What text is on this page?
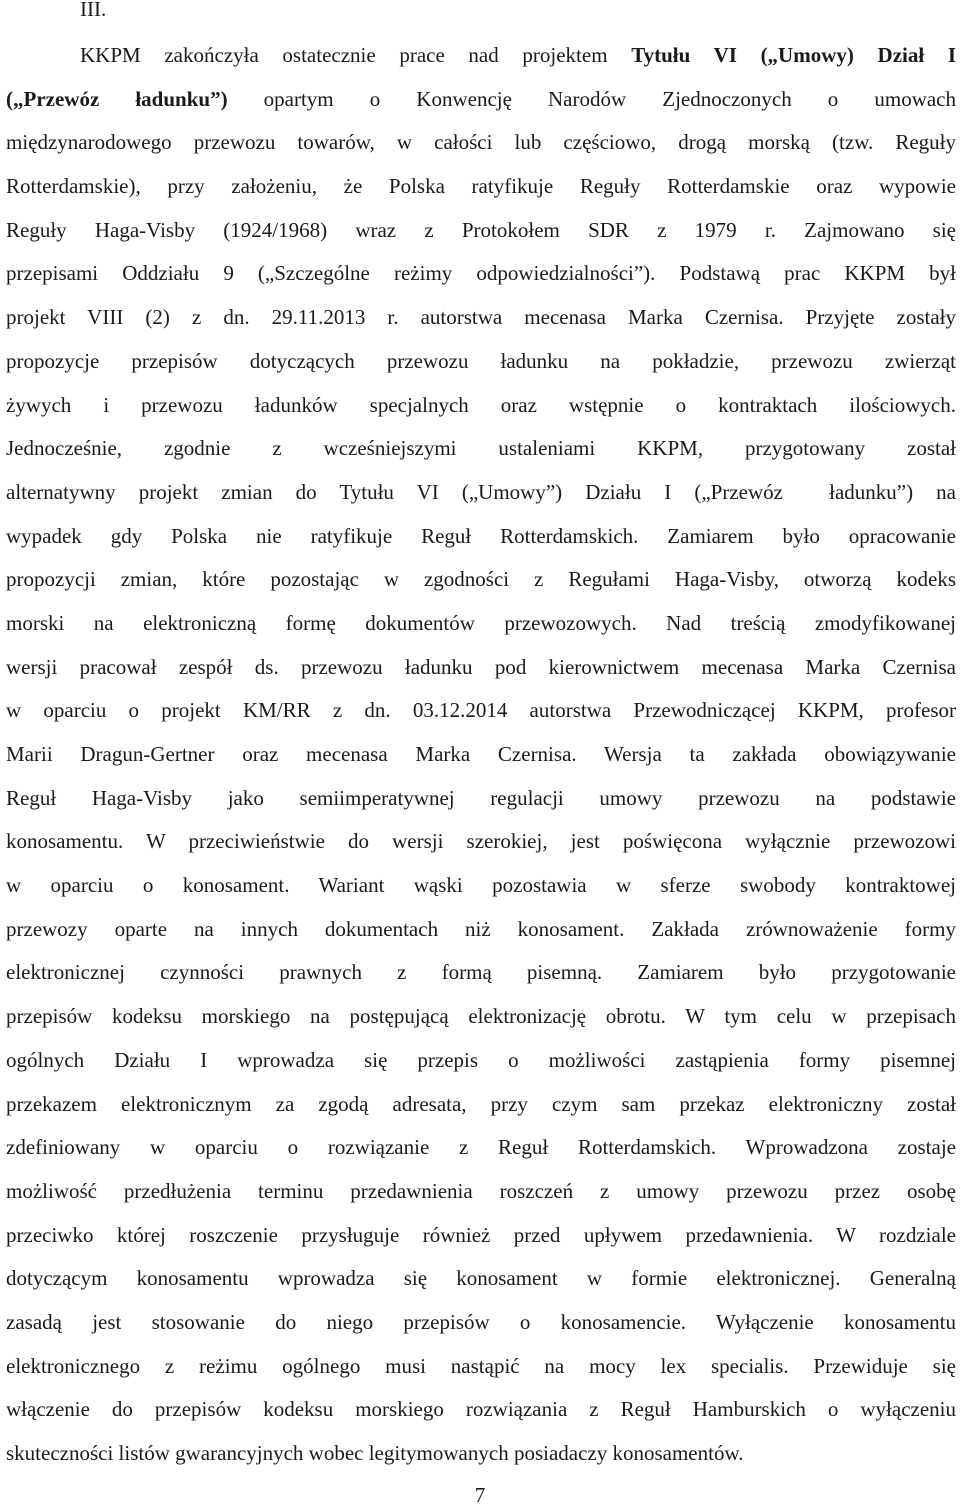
III.
KKPM zakończyła ostatecznie prace nad projektem Tytułu VI („Umowy) Dział I
(„Przewóz ładunku”) opartym o Konwencję Narodów Zjednoczonych o umowach
międzynarodowego przewozu towarów, w całości lub częściowo, drogą morską (tzw. Reguły
Rotterdamskie), przy założeniu, że Polska ratyfikuje Reguły Rotterdamskie oraz wypowie
Reguły Haga-Visby (1924/1968) wraz z Protokołem SDR z 1979 r. Zajmowano się
przepisami Oddziału 9 („Szczególne reżimy odpowiedzialności”). Podstawą prac KKPM był
projekt VIII (2) z dn. 29.11.2013 r. autorstwa mecenasa Marka Czernisa. Przyjęte zostały
propozycje przepisów dotyczących przewozu ładunku na pokładzie, przewozu zwierząt
żywych i przewozu ładunków specjalnych oraz wstępnie o kontraktach ilościowych.
Jednocześnie, zgodnie z wcześniejszymi ustaleniami KKPM, przygotowany został
alternatywny projekt zmian do Tytułu VI („Umowy”) Działu I („Przewóz  ładunku”) na
wypadek gdy Polska nie ratyfikuje Reguł Rotterdamskich. Zamiarem było opracowanie
propozycji zmian, które pozostając w zgodności z Regułami Haga-Visby, otworzą kodeks
morski na elektroniczną formę dokumentów przewozowych. Nad treścią zmodyfikowanej
wersji pracował zespół ds. przewozu ładunku pod kierownictwem mecenasa Marka Czernisa
w oparciu o projekt KM/RR z dn. 03.12.2014 autorstwa Przewodniczącej KKPM, profesor
Marii Dragun-Gertner oraz mecenasa Marka Czernisa. Wersja ta zakłada obowiązywanie
Reguł Haga-Visby jako semiimperatywnej regulacji umowy przewozu na podstawie
konosamentu. W przeciwieństwie do wersji szerokiej, jest poświęcona wyłącznie przewozowi
w oparciu o konosament. Wariant wąski pozostawia w sferze swobody kontraktowej
przewozy oparte na innych dokumentach niż konosament. Zakłada zrównoważenie formy
elektronicznej czynności prawnych z formą pisemną. Zamiarem było przygotowanie
przepisów kodeksu morskiego na postępującą elektronizację obrotu. W tym celu w przepisach
ogólnych Działu I wprowadza się przepis o możliwości zastąpienia formy pisemnej
przekazem elektronicznym za zgodą adresata, przy czym sam przekaz elektroniczny został
zdefiniowany w oparciu o rozwiązanie z Reguł Rotterdamskich. Wprowadzona zostaje
możliwość przedłużenia terminu przedawnienia roszczeń z umowy przewozu przez osobę
przeciwko której roszczenie przysługuje również przed upływem przedawnienia. W rozdziale
dotyczącym konosamentu wprowadza się konosament w formie elektronicznej. Generalną
zasadą jest stosowanie do niego przepisów o konosamencie. Wyłączenie konosamentu
elektronicznego z reżimu ogólnego musi nastąpić na mocy lex specialis. Przewiduje się
włączenie do przepisów kodeksu morskiego rozwiązania z Reguł Hamburskich o wyłączeniu
skuteczności listów gwarancyjnych wobec legitymowanych posiadaczy konosamentów.
7
